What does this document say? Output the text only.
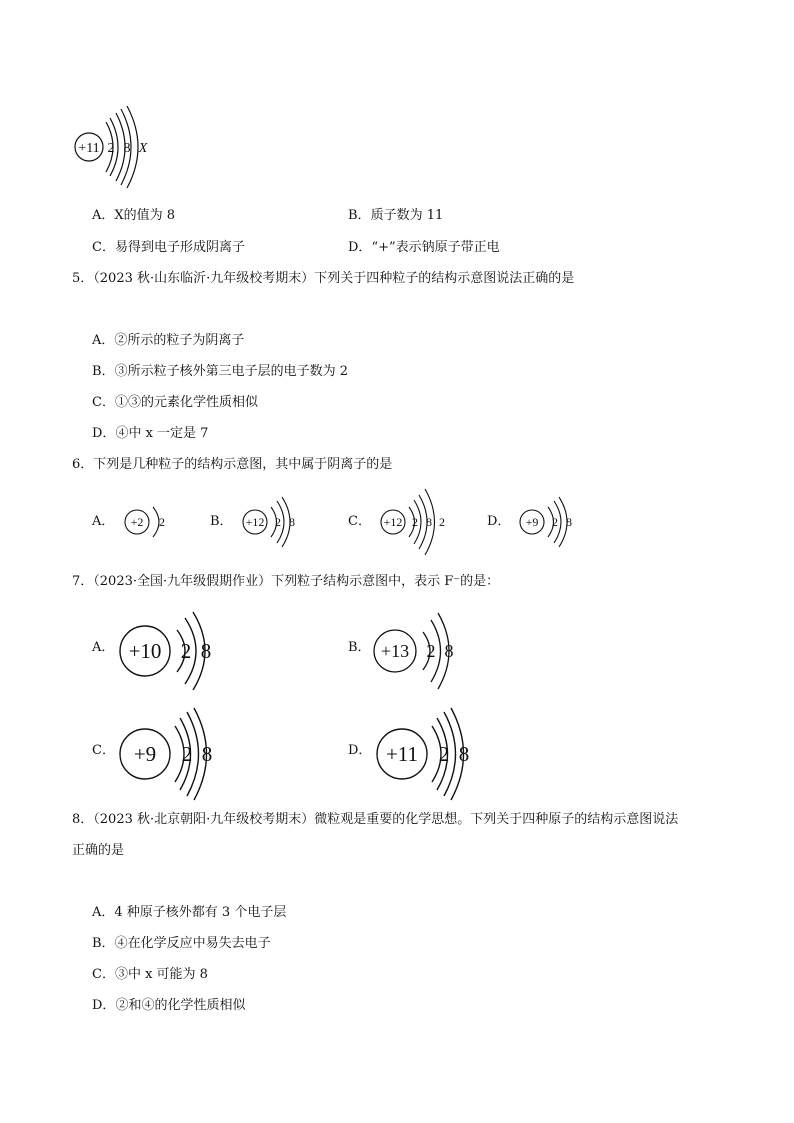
+11 2 8 X
A．X的值为 8	B．质子数为 11
C．易得到电子形成阴离子	D．“+”表示钠原子带正电
5．（2023 秋·山东临沂·九年级校考期末）下列关于四种粒子的结构示意图说法正确的是
A．②所示的粒子为阴离子
B．③所示粒子核外第三电子层的电子数为 2
C．①③的元素化学性质相似
D．④中 x 一定是 7
6．下列是几种粒子的结构示意图，其中属于阴离子的是
A． +2 2	B． +12 2 8	C． +12 2 8 2	D． +9 2 8
7．（2023·全国·九年级假期作业）下列粒子结构示意图中，表示 F⁻的是：
A． +10 2 8	B． +13 2 8
C． +9 2 8	D． +11 2 8
8．（2023 秋·北京朝阳·九年级校考期末）微粒观是重要的化学思想。下列关于四种原子的结构示意图说法
正确的是
A．4 种原子核外都有 3 个电子层
B．④在化学反应中易失去电子
C．③中 x 可能为 8
D．②和④的化学性质相似
